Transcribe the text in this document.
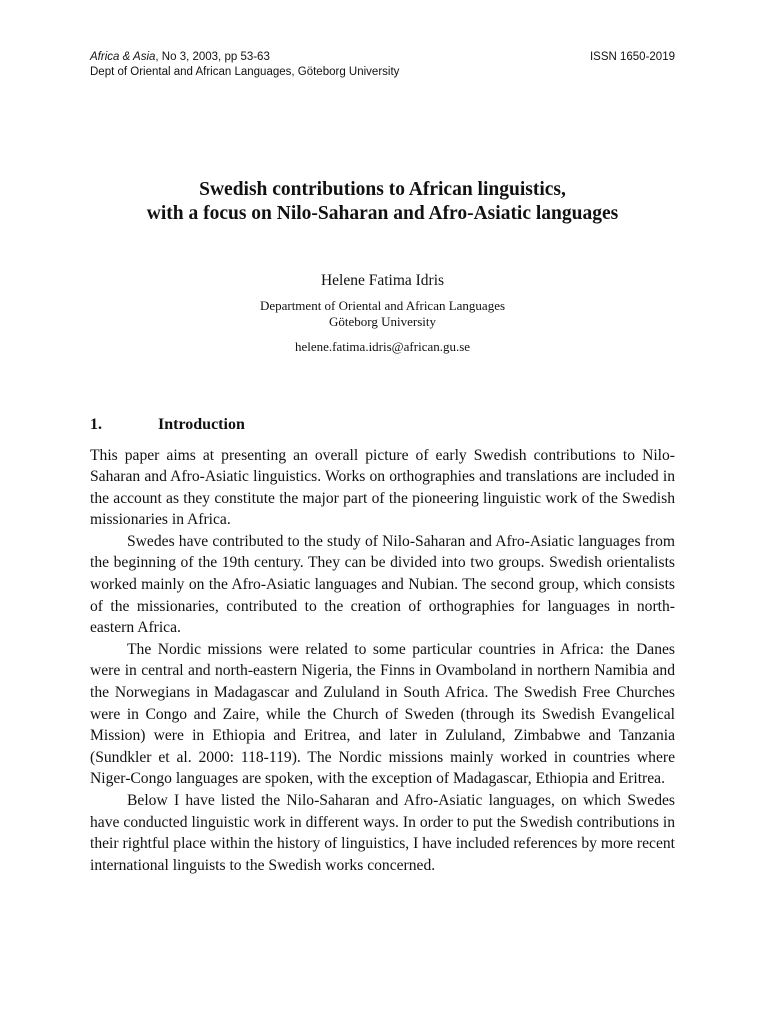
Africa & Asia, No 3, 2003, pp 53-63	ISSN 1650-2019
Dept of Oriental and African Languages, Göteborg University
Swedish contributions to African linguistics,
with a focus on Nilo-Saharan and Afro-Asiatic languages
Helene Fatima Idris
Department of Oriental and African Languages
Göteborg University
helene.fatima.idris@african.gu.se
1.	Introduction

This paper aims at presenting an overall picture of early Swedish contributions to Nilo-Saharan and Afro-Asiatic linguistics. Works on orthographies and translations are included in the account as they constitute the major part of the pioneering linguistic work of the Swedish missionaries in Africa.

Swedes have contributed to the study of Nilo-Saharan and Afro-Asiatic languages from the beginning of the 19th century. They can be divided into two groups. Swedish orientalists worked mainly on the Afro-Asiatic languages and Nubian. The second group, which consists of the missionaries, contributed to the creation of orthographies for languages in north-eastern Africa.

The Nordic missions were related to some particular countries in Africa: the Danes were in central and north-eastern Nigeria, the Finns in Ovamboland in northern Namibia and the Norwegians in Madagascar and Zululand in South Africa. The Swedish Free Churches were in Congo and Zaire, while the Church of Sweden (through its Swedish Evangelical Mission) were in Ethiopia and Eritrea, and later in Zululand, Zimbabwe and Tanzania (Sundkler et al. 2000: 118-119). The Nordic missions mainly worked in countries where Niger-Congo languages are spoken, with the exception of Madagascar, Ethiopia and Eritrea.

Below I have listed the Nilo-Saharan and Afro-Asiatic languages, on which Swedes have conducted linguistic work in different ways. In order to put the Swedish contributions in their rightful place within the history of linguistics, I have included references by more recent international linguists to the Swedish works concerned.
